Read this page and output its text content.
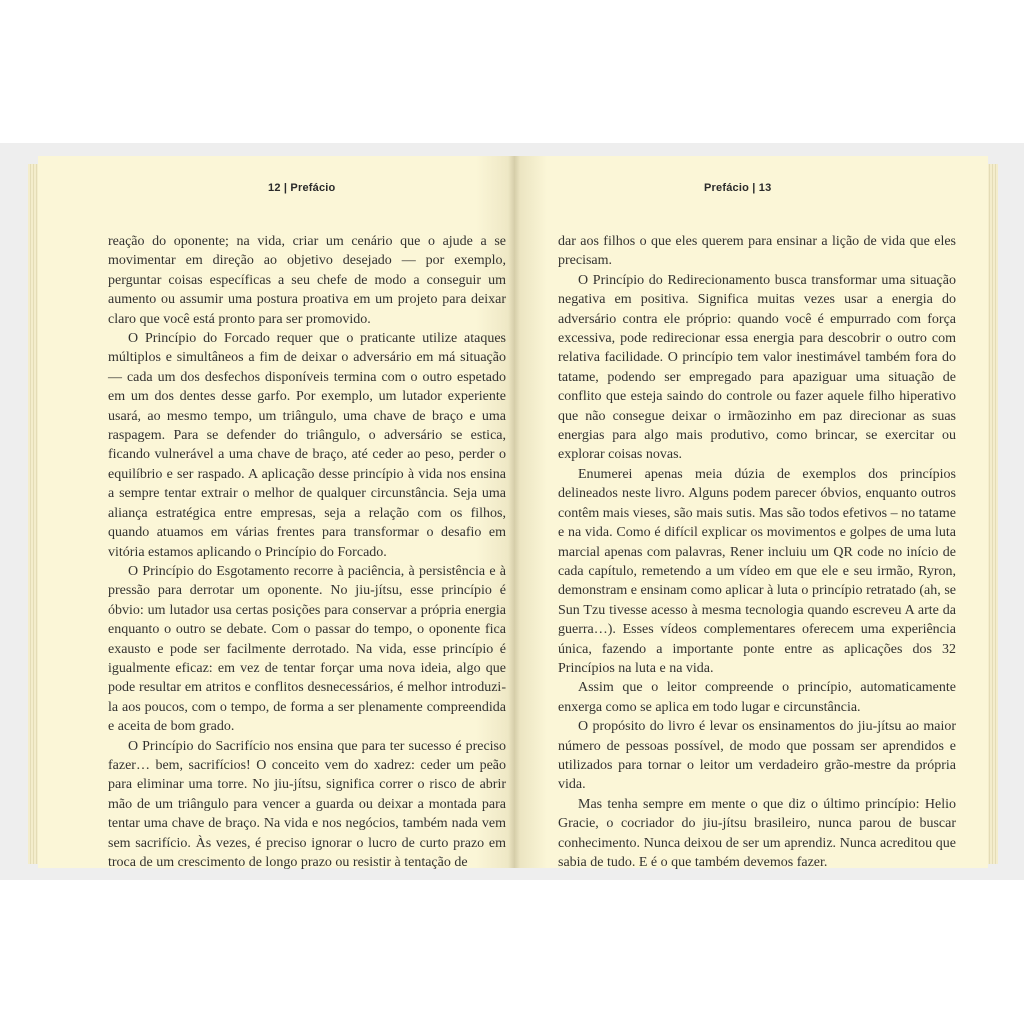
12 | Prefácio

reação do oponente; na vida, criar um cenário que o ajude a se movimentar em direção ao objetivo desejado — por exemplo, perguntar coisas específicas a seu chefe de modo a conseguir um aumento ou assumir uma postura proativa em um projeto para deixar claro que você está pronto para ser promovido.

O Princípio do Forcado requer que o praticante utilize ataques múltiplos e simultâneos a fim de deixar o adversário em má situação — cada um dos desfechos disponíveis termina com o outro espetado em um dos dentes desse garfo. Por exemplo, um lutador experiente usará, ao mesmo tempo, um triângulo, uma chave de braço e uma raspagem. Para se defender do triângulo, o adversário se estica, ficando vulnerável a uma chave de braço, até ceder ao peso, perder o equilíbrio e ser raspado. A aplicação desse princípio à vida nos ensina a sempre tentar extrair o melhor de qualquer circunstância. Seja uma aliança estratégica entre empresas, seja a relação com os filhos, quando atuamos em várias frentes para transformar o desafio em vitória estamos aplicando o Princípio do Forcado.

O Princípio do Esgotamento recorre à paciência, à persistência e à pressão para derrotar um oponente. No jiu-jítsu, esse princípio é óbvio: um lutador usa certas posições para conservar a própria energia enquanto o outro se debate. Com o passar do tempo, o oponente fica exausto e pode ser facilmente derrotado. Na vida, esse princípio é igualmente eficaz: em vez de tentar forçar uma nova ideia, algo que pode resultar em atritos e conflitos desnecessários, é melhor introduzi-la aos poucos, com o tempo, de forma a ser plenamente compreendida e aceita de bom grado.

O Princípio do Sacrifício nos ensina que para ter sucesso é preciso fazer… bem, sacrifícios! O conceito vem do xadrez: ceder um peão para eliminar uma torre. No jiu-jítsu, significa correr o risco de abrir mão de um triângulo para vencer a guarda ou deixar a montada para tentar uma chave de braço. Na vida e nos negócios, também nada vem sem sacrifício. Às vezes, é preciso ignorar o lucro de curto prazo em troca de um crescimento de longo prazo ou resistir à tentação de

Prefácio | 13

dar aos filhos o que eles querem para ensinar a lição de vida que eles precisam.

O Princípio do Redirecionamento busca transformar uma situação negativa em positiva. Significa muitas vezes usar a energia do adversário contra ele próprio: quando você é empurrado com força excessiva, pode redirecionar essa energia para descobrir o outro com relativa facilidade. O princípio tem valor inestimável também fora do tatame, podendo ser empregado para apaziguar uma situação de conflito que esteja saindo do controle ou fazer aquele filho hiperativo que não consegue deixar o irmãozinho em paz direcionar as suas energias para algo mais produtivo, como brincar, se exercitar ou explorar coisas novas.

Enumerei apenas meia dúzia de exemplos dos princípios delineados neste livro. Alguns podem parecer óbvios, enquanto outros contêm mais vieses, são mais sutis. Mas são todos efetivos – no tatame e na vida. Como é difícil explicar os movimentos e golpes de uma luta marcial apenas com palavras, Rener incluiu um QR code no início de cada capítulo, remetendo a um vídeo em que ele e seu irmão, Ryron, demonstram e ensinam como aplicar à luta o princípio retratado (ah, se Sun Tzu tivesse acesso à mesma tecnologia quando escreveu A arte da guerra…). Esses vídeos complementares oferecem uma experiência única, fazendo a importante ponte entre as aplicações dos 32 Princípios na luta e na vida.

Assim que o leitor compreende o princípio, automaticamente enxerga como se aplica em todo lugar e circunstância.

O propósito do livro é levar os ensinamentos do jiu-jítsu ao maior número de pessoas possível, de modo que possam ser aprendidos e utilizados para tornar o leitor um verdadeiro grão-mestre da própria vida.

Mas tenha sempre em mente o que diz o último princípio: Helio Gracie, o cocriador do jiu-jítsu brasileiro, nunca parou de buscar conhecimento. Nunca deixou de ser um aprendiz. Nunca acreditou que sabia de tudo. E é o que também devemos fazer.
